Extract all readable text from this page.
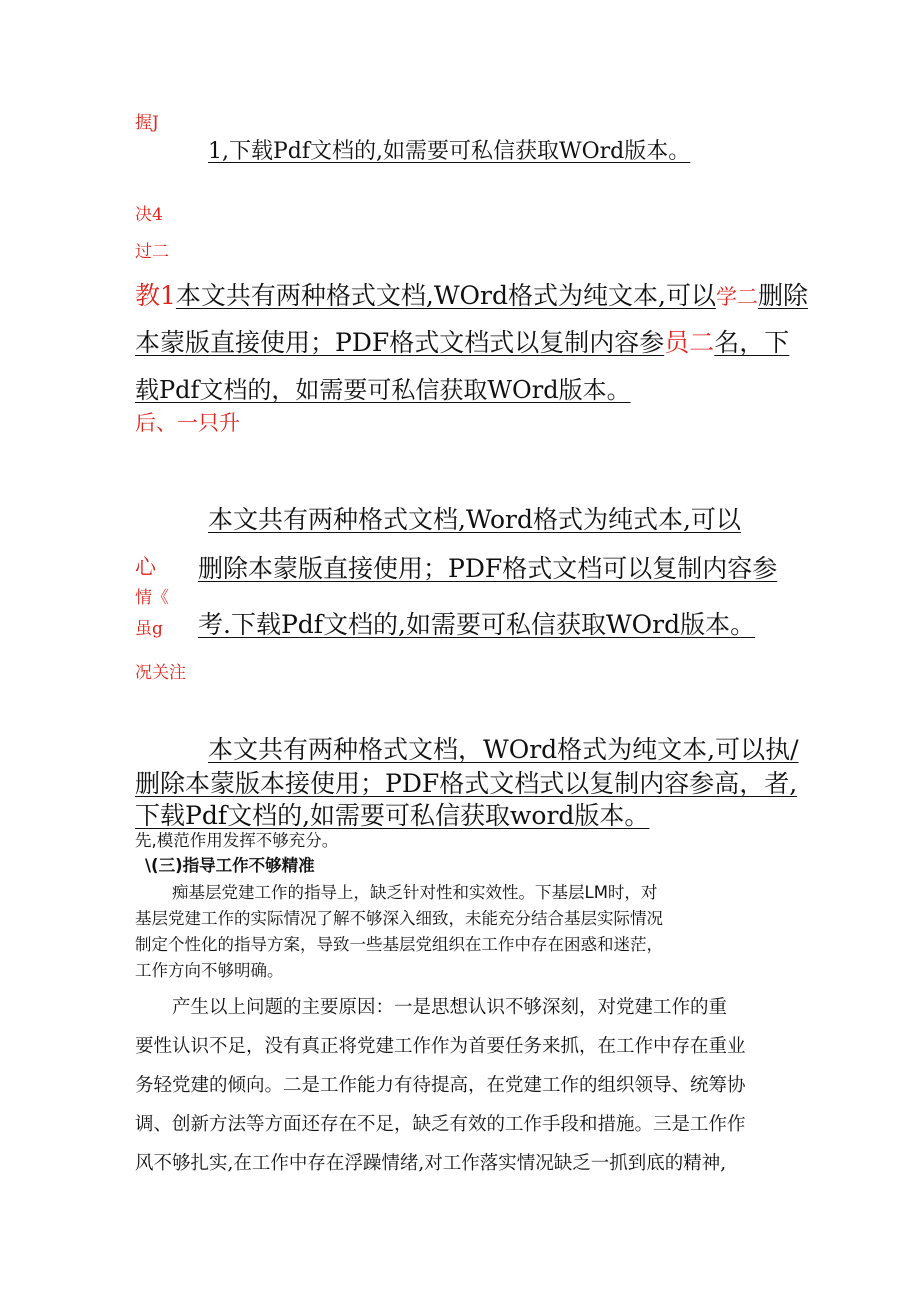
握J
决4
过二
1,下载Pdf文档的,如需要可私信获取WOrd版本。
教1本文共有两种格式文档,WOrd格式为纯文本,可以学二删除
本蒙版直接使用；PDF格式文档式以复制内容参员二名，下
载Pdf文档的，如需要可私信获取WOrd版本。
后、一只升
本文共有两种格式文档,Word格式为纯式本,可以
心 删除本蒙版直接使用；PDF格式文档可以复制内容参
情《
虽g 考.下载Pdf文档的,如需要可私信获取WOrd版本。
况关注
本文共有两种格式文档，WOrd格式为纯文本,可以执/
删除本蒙版本接使用；PDF格式文档式以复制内容参高，者,
下载Pdf文档的,如需要可私信获取word版本。
先,模范作用发挥不够充分。
\(三)指导工作不够精准
痴基层党建工作的指导上，缺乏针对性和实效性。下基层LM时，对
基层党建工作的实际情况了解不够深入细致，未能充分结合基层实际情况
制定个性化的指导方案，导致一些基层党组织在工作中存在困惑和迷茫，
工作方向不够明确。
产生以上问题的主要原因：一是思想认识不够深刻，对党建工作的重
要性认识不足，没有真正将党建工作作为首要任务来抓，在工作中存在重业
务轻党建的倾向。二是工作能力有待提高，在党建工作的组织领导、统筹协
调、创新方法等方面还存在不足，缺乏有效的工作手段和措施。三是工作作
风不够扎实,在工作中存在浮躁情绪,对工作落实情况缺乏一抓到底的精神,
